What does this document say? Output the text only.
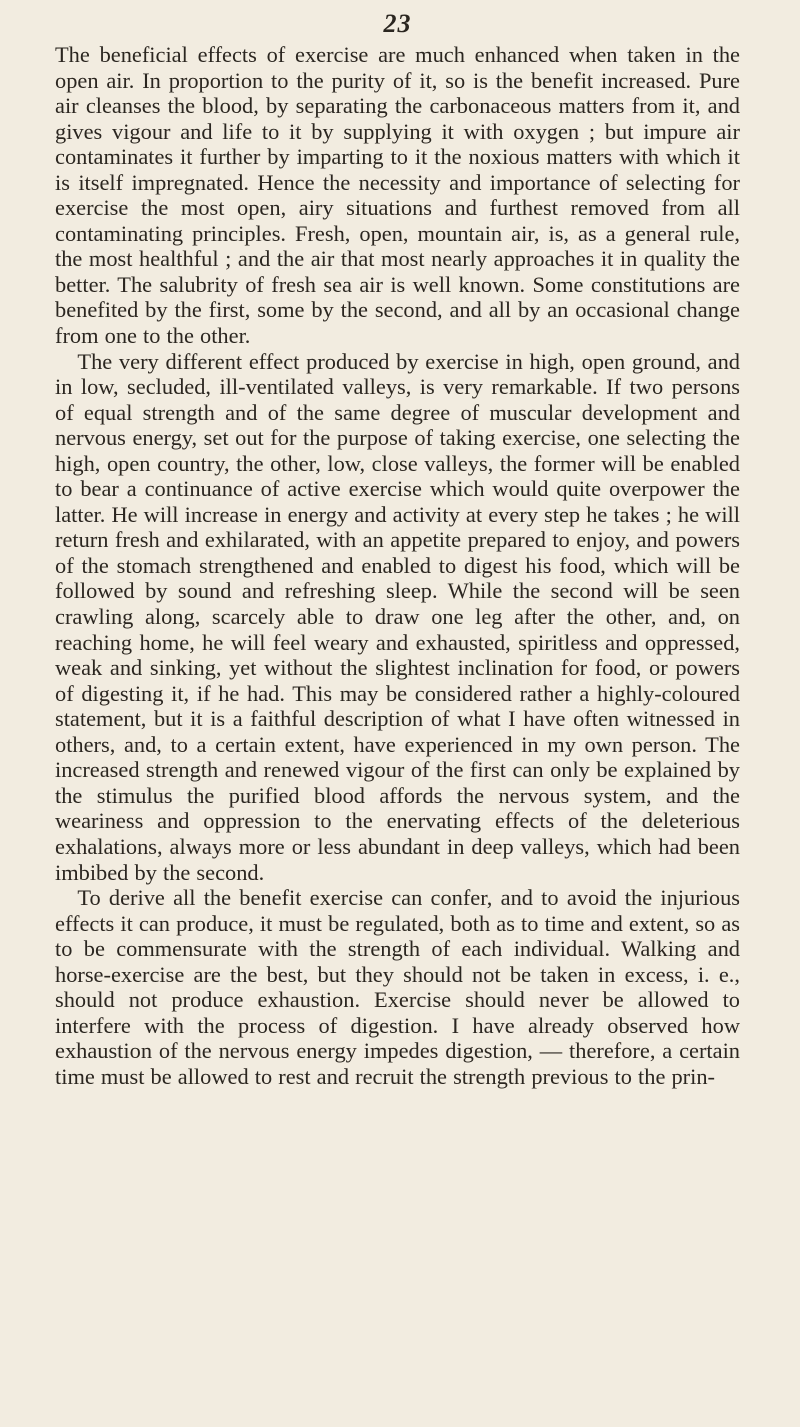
23

The beneficial effects of exercise are much enhanced when taken in the open air. In proportion to the purity of it, so is the benefit increased. Pure air cleanses the blood, by separating the carbonaceous matters from it, and gives vigour and life to it by supplying it with oxygen ; but impure air contaminates it further by imparting to it the noxious matters with which it is itself impregnated. Hence the necessity and importance of selecting for exercise the most open, airy situations and furthest removed from all contaminating principles. Fresh, open, mountain air, is, as a general rule, the most healthful ; and the air that most nearly approaches it in quality the better. The salubrity of fresh sea air is well known. Some constitutions are benefited by the first, some by the second, and all by an occasional change from one to the other.

The very different effect produced by exercise in high, open ground, and in low, secluded, ill-ventilated valleys, is very remarkable. If two persons of equal strength and of the same degree of muscular development and nervous energy, set out for the purpose of taking exercise, one selecting the high, open country, the other, low, close valleys, the former will be enabled to bear a continuance of active exercise which would quite overpower the latter. He will increase in energy and activity at every step he takes ; he will return fresh and exhilarated, with an appetite prepared to enjoy, and powers of the stomach strengthened and enabled to digest his food, which will be followed by sound and refreshing sleep. While the second will be seen crawling along, scarcely able to draw one leg after the other, and, on reaching home, he will feel weary and exhausted, spiritless and oppressed, weak and sinking, yet without the slightest inclination for food, or powers of digesting it, if he had. This may be considered rather a highly-coloured statement, but it is a faithful description of what I have often witnessed in others, and, to a certain extent, have experienced in my own person. The increased strength and renewed vigour of the first can only be explained by the stimulus the purified blood affords the nervous system, and the weariness and oppression to the enervating effects of the deleterious exhalations, always more or less abundant in deep valleys, which had been imbibed by the second.

To derive all the benefit exercise can confer, and to avoid the injurious effects it can produce, it must be regulated, both as to time and extent, so as to be commensurate with the strength of each individual. Walking and horse-exercise are the best, but they should not be taken in excess, i. e., should not produce exhaustion. Exercise should never be allowed to interfere with the process of digestion. I have already observed how exhaustion of the nervous energy impedes digestion, — therefore, a certain time must be allowed to rest and recruit the strength previous to the prin-
